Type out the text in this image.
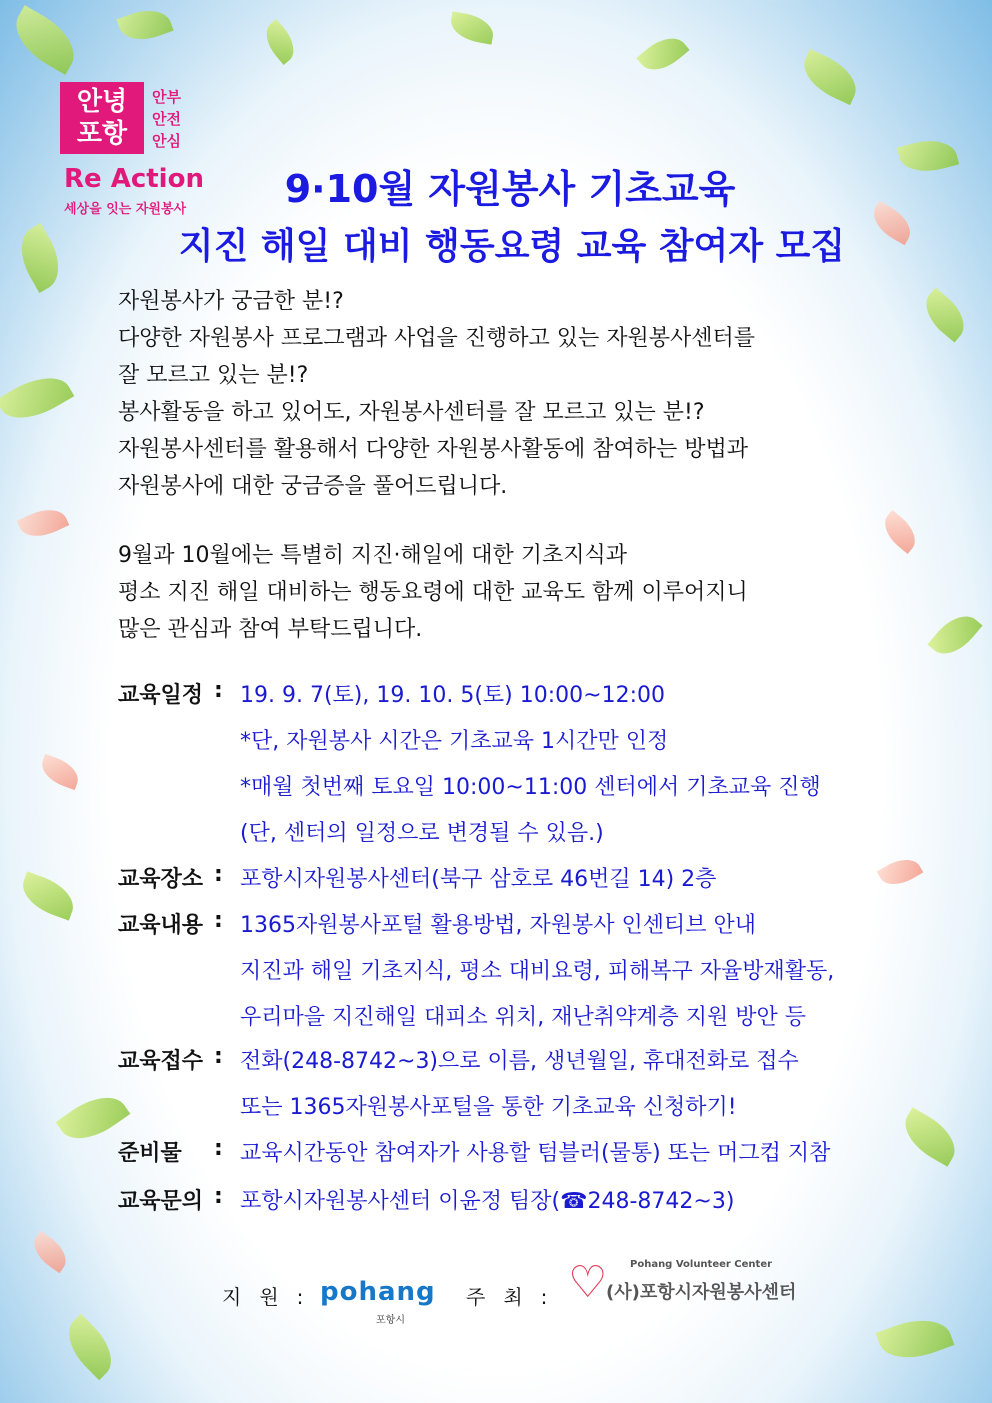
안녕
포항
안부
안전
안심
Re Action
세상을 잇는 자원봉사	9·10월 자원봉사 기초교육
지진 해일 대비 행동요령 교육 참여자 모집
자원봉사가 궁금한 분!?
다양한 자원봉사 프로그램과 사업을 진행하고 있는 자원봉사센터를
잘 모르고 있는 분!?
봉사활동을 하고 있어도, 자원봉사센터를 잘 모르고 있는 분!?
자원봉사센터를 활용해서 다양한 자원봉사활동에 참여하는 방법과
자원봉사에 대한 궁금증을 풀어드립니다.
9월과 10월에는 특별히 지진·해일에 대한 기초지식과
평소 지진 해일 대비하는 행동요령에 대한 교육도 함께 이루어지니
많은 관심과 참여 부탁드립니다.
교육일정 : 19. 9. 7(토), 19. 10. 5(토) 10:00~12:00
*단, 자원봉사 시간은 기초교육 1시간만 인정
*매월 첫번째 토요일 10:00~11:00 센터에서 기초교육 진행
(단, 센터의 일정으로 변경될 수 있음.)
교육장소 : 포항시자원봉사센터(북구 삼호로 46번길 14) 2층
교육내용 : 1365자원봉사포털 활용방법, 자원봉사 인센티브 안내
지진과 해일 기초지식, 평소 대비요령, 피해복구 자율방재활동,
우리마을 지진해일 대피소 위치, 재난취약계층 지원 방안 등
교육접수 : 전화(248-8742~3)으로 이름, 생년월일, 휴대전화로 접수
또는 1365자원봉사포털을 통한 기초교육 신청하기!
준비물	: 교육시간동안 참여자가 사용할 텀블러(물통) 또는 머그컵 지참
교육문의 : 포항시자원봉사센터 이윤정 팀장(☎248-8742~3)
지원:
pohang
포항시
주최: ♡ Pohang Volunteer Center
(사)포항시자원봉사센터
